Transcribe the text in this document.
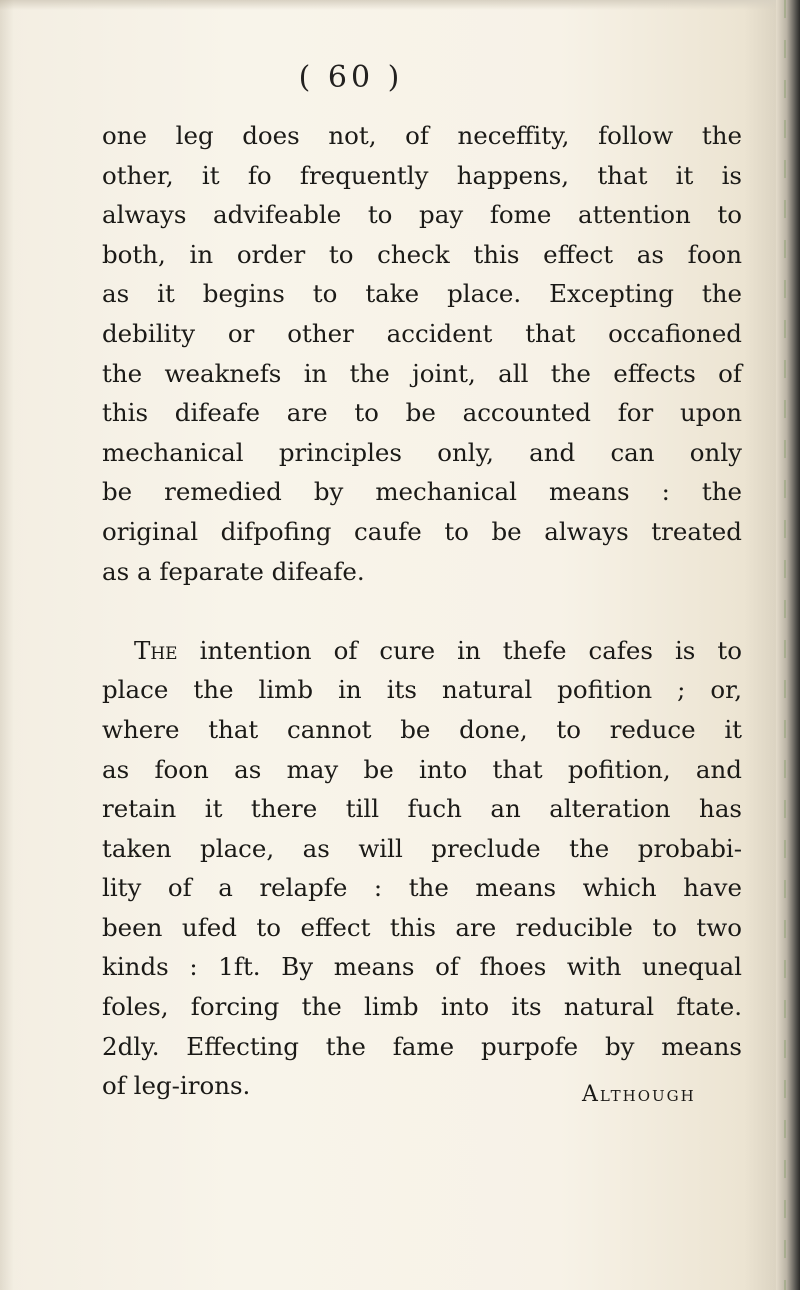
( 60 )
one leg does not, of neceffity, follow the
other, it fo frequently happens, that it is
always advifeable to pay fome attention to
both, in order to check this effect as foon
as it begins to take place. Excepting the
debility or other accident that occafioned
the weaknefs in the joint, all the effects of
this difeafe are to be accounted for upon
mechanical principles only, and can only
be remedied by mechanical means : the
original difpofing caufe to be always treated
as a feparate difeafe.
The intention of cure in thefe cafes is to
place the limb in its natural pofition ; or,
where that cannot be done, to reduce it
as foon as may be into that pofition, and
retain it there till fuch an alteration has
taken place, as will preclude the probabi-
lity of a relapfe : the means which have
been ufed to effect this are reducible to two
kinds : 1ft. By means of fhoes with unequal
foles, forcing the limb into its natural ftate.
2dly. Effecting the fame purpofe by means
of leg-irons.	Although
